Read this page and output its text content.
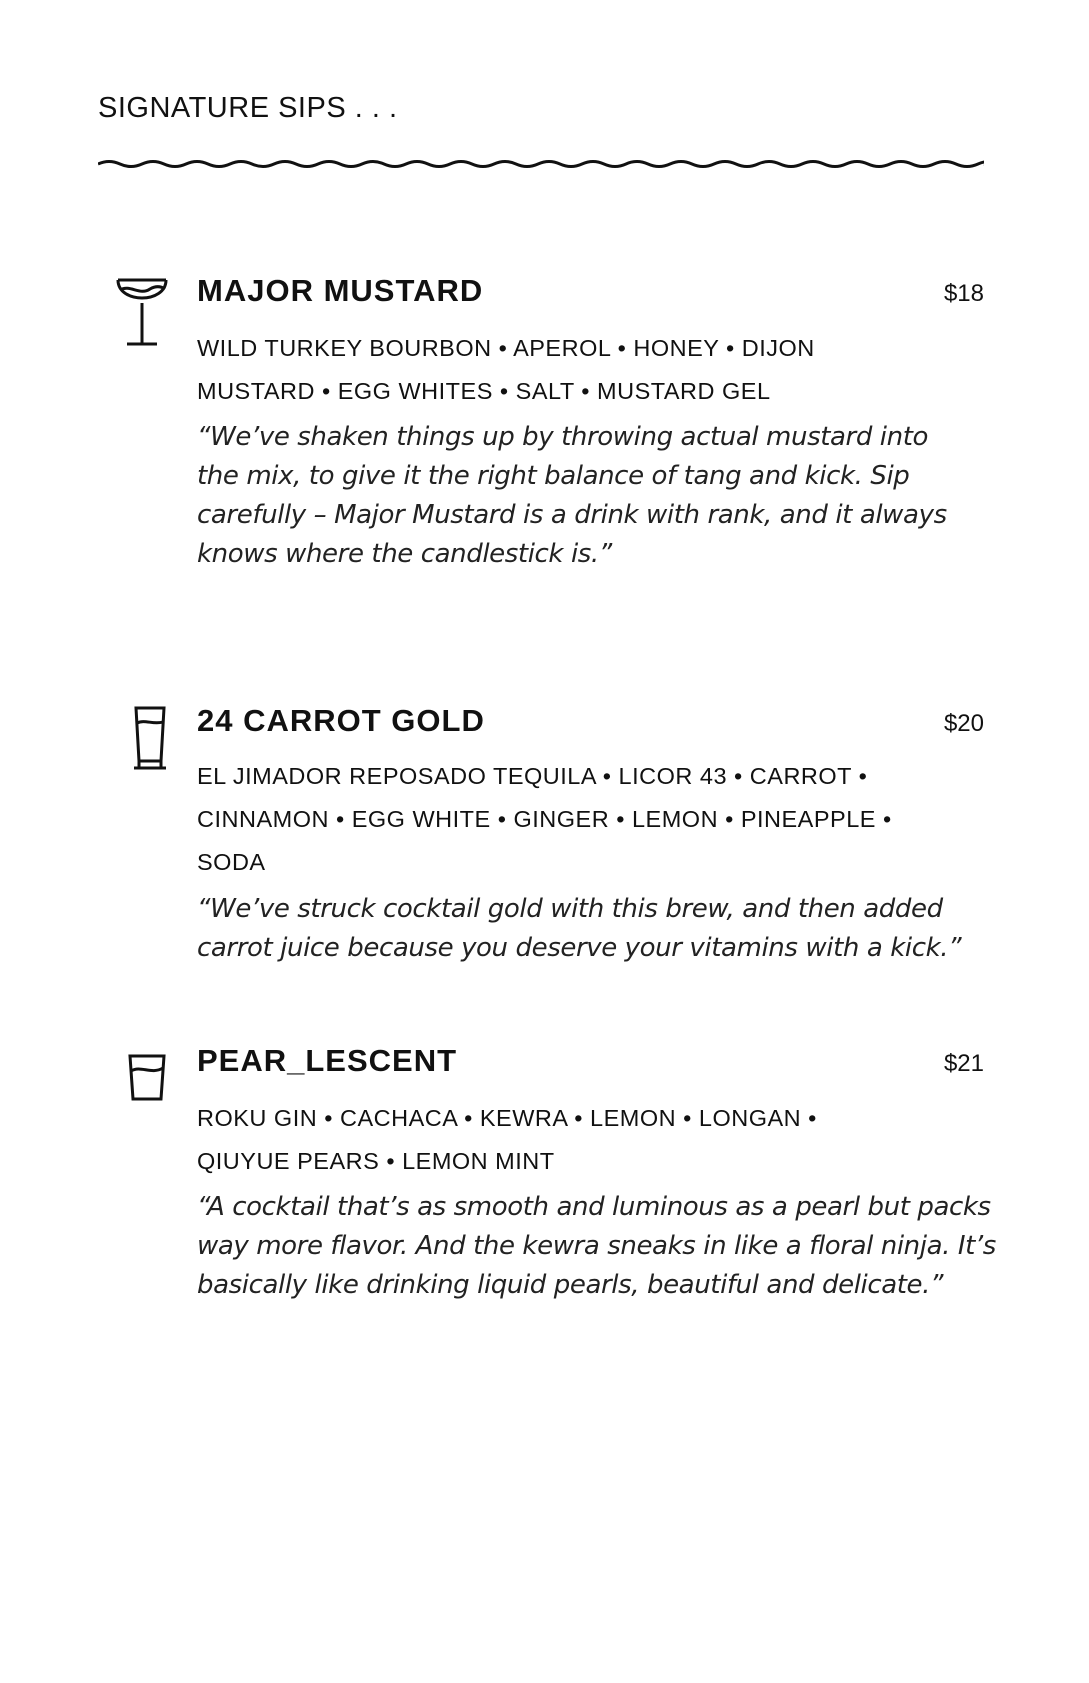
SIGNATURE SIPS . . .
MAJOR MUSTARD	$18

WILD TURKEY BOURBON • APEROL • HONEY • DIJON MUSTARD • EGG WHITES • SALT • MUSTARD GEL

“We’ve shaken things up by throwing actual mustard into the mix, to give it the right balance of tang and kick. Sip carefully – Major Mustard is a drink with rank, and it always knows where the candlestick is.”

24 CARROT GOLD	$20

EL JIMADOR REPOSADO TEQUILA • LICOR 43 • CARROT • CINNAMON • EGG WHITE • GINGER • LEMON • PINEAPPLE • SODA

“We’ve struck cocktail gold with this brew, and then added carrot juice because you deserve your vitamins with a kick.”

PEAR_LESCENT	$21

ROKU GIN • CACHACA • KEWRA • LEMON • LONGAN • QIUYUE PEARS • LEMON MINT

“A cocktail that’s as smooth and luminous as a pearl but packs way more flavor. And the kewra sneaks in like a floral ninja. It’s basically like drinking liquid pearls, beautiful and delicate.”
